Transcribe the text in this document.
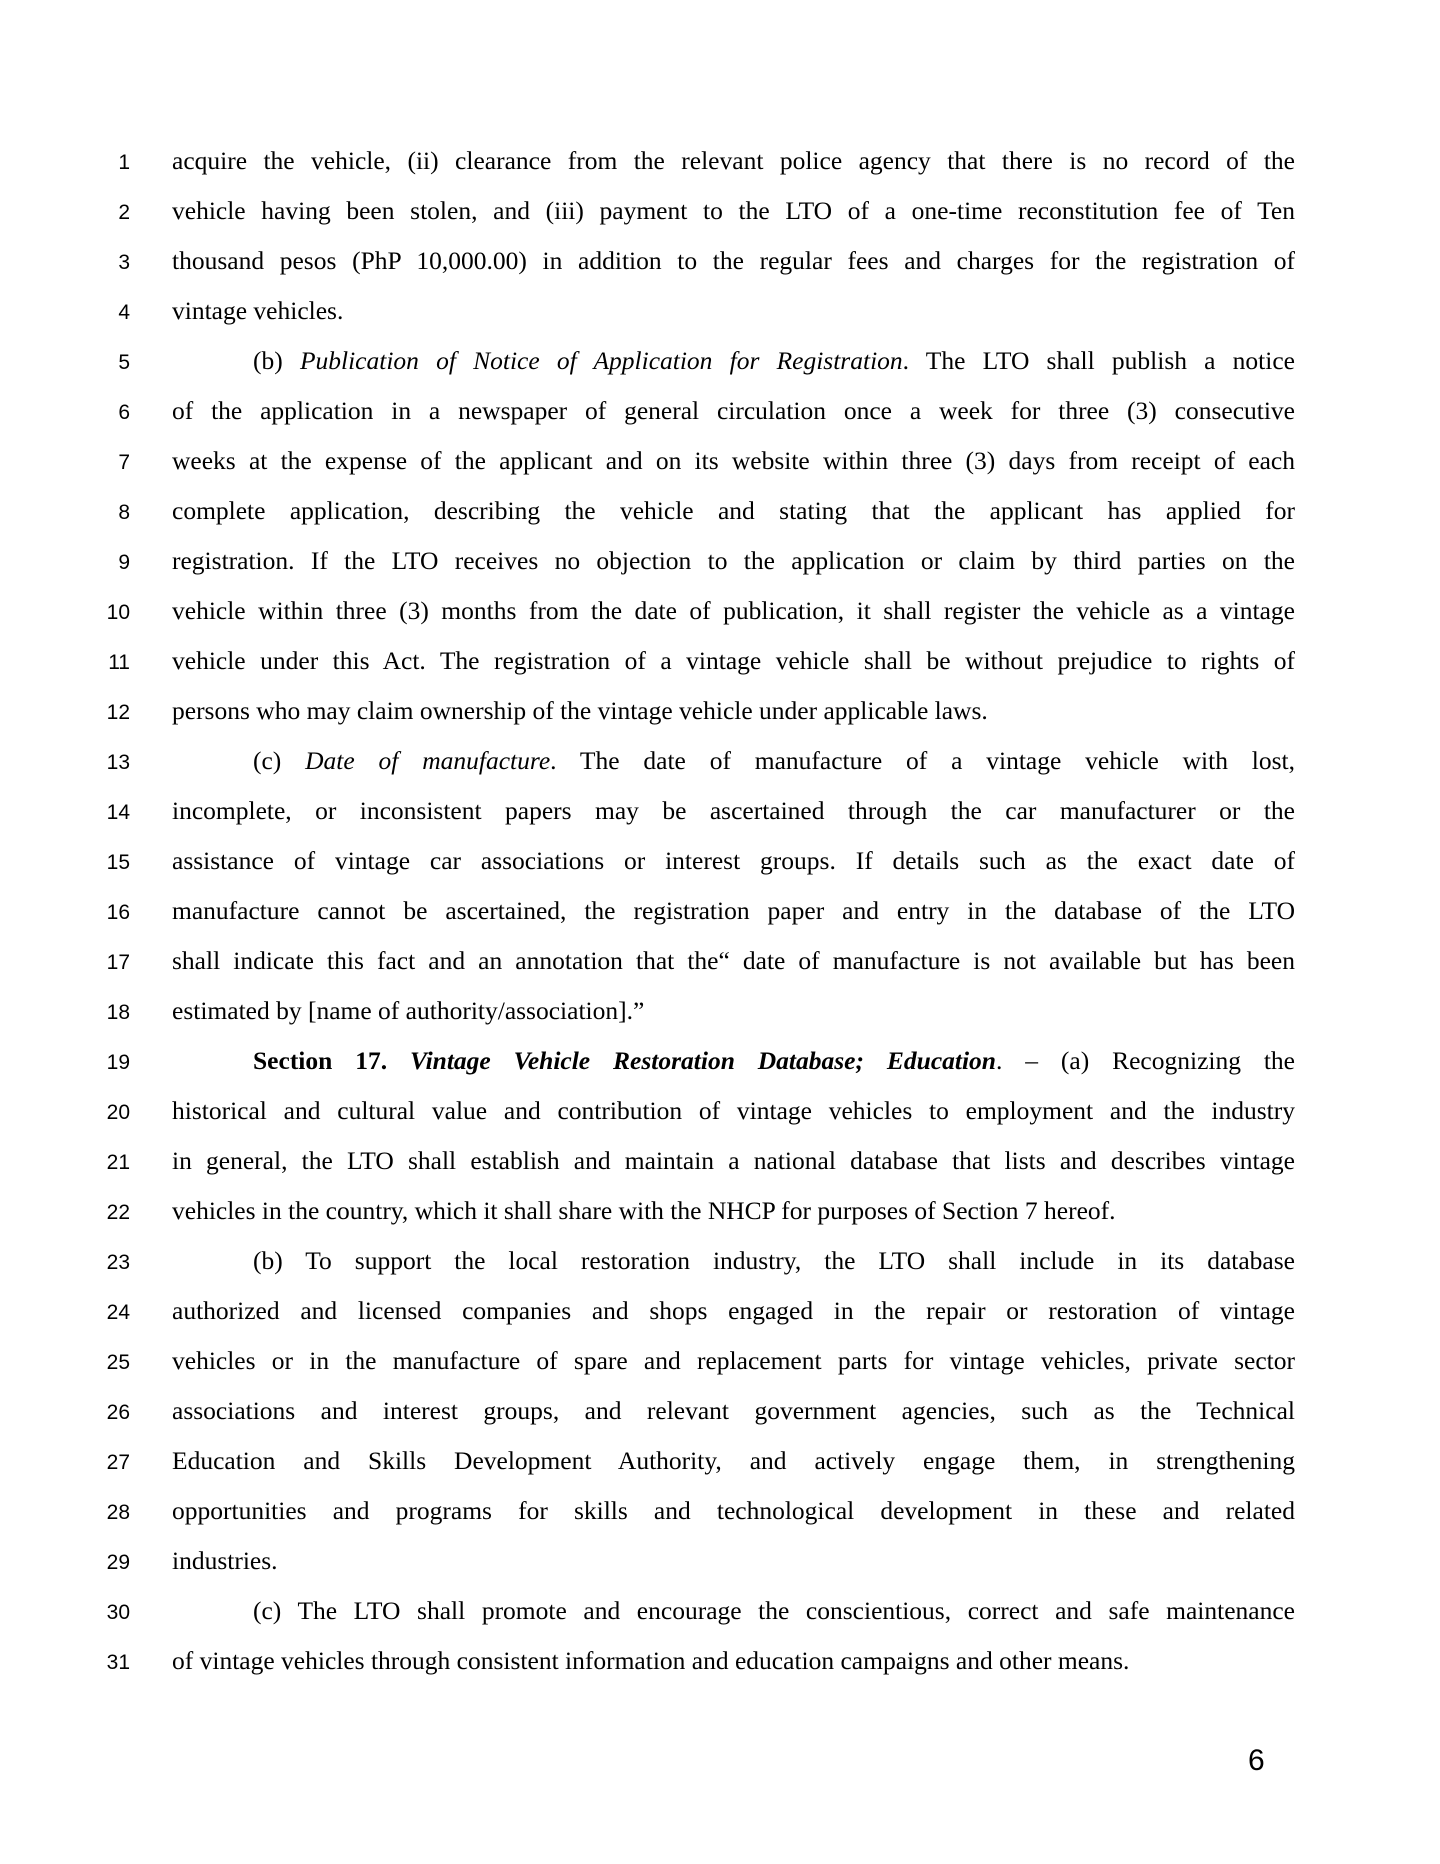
1 acquire the vehicle, (ii) clearance from the relevant police agency that there is no record of the
2 vehicle having been stolen, and (iii) payment to the LTO of a one-time reconstitution fee of Ten
3 thousand pesos (PhP 10,000.00) in addition to the regular fees and charges for the registration of
4 vintage vehicles.
5	(b) Publication of Notice of Application for Registration. The LTO shall publish a notice
6 of the application in a newspaper of general circulation once a week for three (3) consecutive
7 weeks at the expense of the applicant and on its website within three (3) days from receipt of each
8 complete application, describing the vehicle and stating that the applicant has applied for
9 registration. If the LTO receives no objection to the application or claim by third parties on the
10 vehicle within three (3) months from the date of publication, it shall register the vehicle as a vintage
11 vehicle under this Act. The registration of a vintage vehicle shall be without prejudice to rights of
12 persons who may claim ownership of the vintage vehicle under applicable laws.
13	(c) Date of manufacture. The date of manufacture of a vintage vehicle with lost,
14 incomplete, or inconsistent papers may be ascertained through the car manufacturer or the
15 assistance of vintage car associations or interest groups. If details such as the exact date of
16 manufacture cannot be ascertained, the registration paper and entry in the database of the LTO
17 shall indicate this fact and an annotation that the“ date of manufacture is not available but has been
18 estimated by [name of authority/association].”
19	Section 17. Vintage Vehicle Restoration Database; Education. – (a) Recognizing the
20 historical and cultural value and contribution of vintage vehicles to employment and the industry
21 in general, the LTO shall establish and maintain a national database that lists and describes vintage
22 vehicles in the country, which it shall share with the NHCP for purposes of Section 7 hereof.
23	(b) To support the local restoration industry, the LTO shall include in its database
24 authorized and licensed companies and shops engaged in the repair or restoration of vintage
25 vehicles or in the manufacture of spare and replacement parts for vintage vehicles, private sector
26 associations and interest groups, and relevant government agencies, such as the Technical
27 Education and Skills Development Authority, and actively engage them, in strengthening
28 opportunities and programs for skills and technological development in these and related
29 industries.
30	(c) The LTO shall promote and encourage the conscientious, correct and safe maintenance
31 of vintage vehicles through consistent information and education campaigns and other means.
6
